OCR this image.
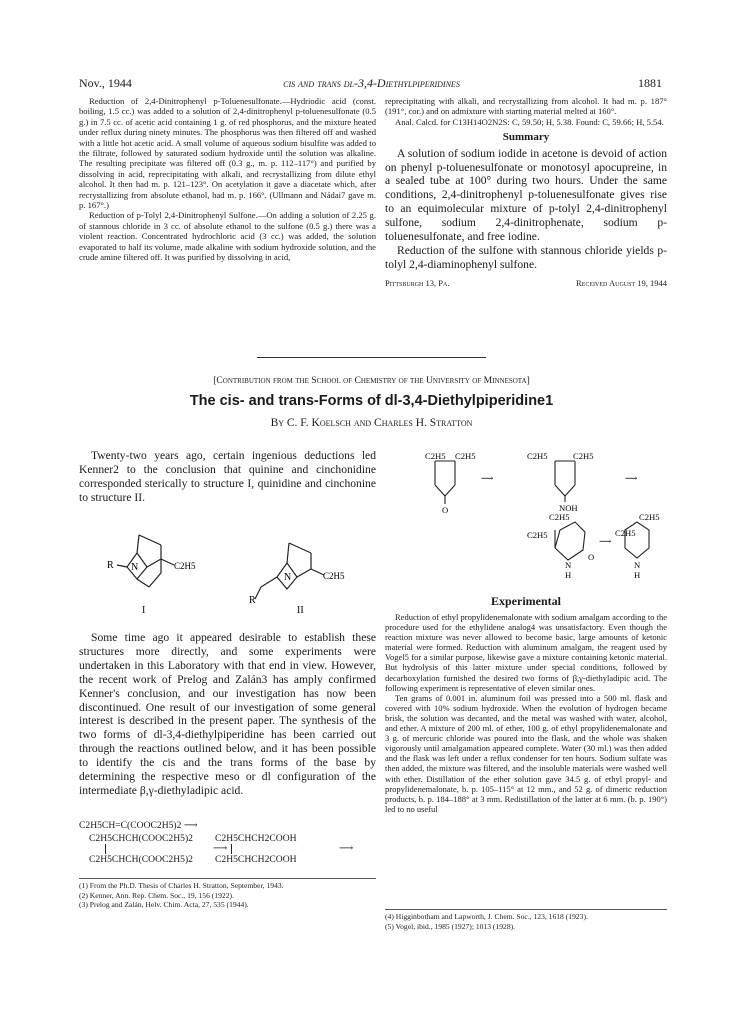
Nov., 1944	cis and trans dl-3,4-Diethylpiperidines	1881

Reduction of 2,4-Dinitrophenyl p-Toluenesulfonate.—Hydriodic acid (const. boiling, 1.5 cc.) was added to a solution of 2,4-dinitrophenyl p-toluenesulfonate (0.5 g.) in 7.5 cc. of acetic acid containing 1 g. of red phosphorus, and the mixture heated under reflux during ninety minutes. The phosphorus was then filtered off and washed with a little hot acetic acid. A small volume of aqueous sodium bisulfite was added to the filtrate, followed by saturated sodium hydroxide until the solution was alkaline. The resulting precipitate was filtered off (0.3 g., m. p. 112–117°) and purified by dissolving in acid, reprecipitating with alkali, and recrystallizing from dilute ethyl alcohol. It then had m. p. 121–123°. On acetylation it gave a diacetate which, after recrystallizing from absolute ethanol, had m. p. 166°. (Ullmann and Nádai7 gave m. p. 167°.)

Reduction of p-Tolyl 2,4-Dinitrophenyl Sulfone.—On adding a solution of 2.25 g. of stannous chloride in 3 cc. of absolute ethanol to the sulfone (0.5 g.) there was a violent reaction. Concentrated hydrochloric acid (3 cc.) was added, the solution evaporated to half its volume, made alkaline with sodium hydroxide solution, and the crude amine filtered off. It was purified by dissolving in acid,

reprecipitating with alkali, and recrystallizing from alcohol. It had m. p. 187° (191°, cor.) and on admixture with starting material melted at 160°.

Anal. Calcd. for C13H14O2N2S: C, 59.50; H, 5.38. Found: C, 59.66; H, 5.54.

Summary

A solution of sodium iodide in acetone is devoid of action on phenyl p-toluenesulfonate or monotosyl apocupreine, in a sealed tube at 100° during two hours. Under the same conditions, 2,4-dinitrophenyl p-toluenesulfonate gives rise to an equimolecular mixture of p-tolyl 2,4-dinitrophenyl sulfone, sodium 2,4-dinitrophenate, sodium p-toluenesulfonate, and free iodine.

Reduction of the sulfone with stannous chloride yields p-tolyl 2,4-diaminophenyl sulfone.

Pittsburgh 13, Pa.	Received August 19, 1944
[Contribution from the School of Chemistry of the University of Minnesota]
The cis- and trans-Forms of dl-3,4-Diethylpiperidine1
By C. F. Koelsch and Charles H. Stratton

Twenty-two years ago, certain ingenious deductions led Kenner2 to the conclusion that quinine and cinchonidine corresponded sterically to structure I, quinidine and cinchonine to structure II.

R N	C2H5
I
R
N	C2H5
II

Some time ago it appeared desirable to establish these structures more directly, and some experiments were undertaken in this Laboratory with that end in view. However, the recent work of Prelog and Zalán3 has amply confirmed Kenner's conclusion, and our investigation has now been discontinued. One result of our investigation of some general interest is described in the present paper. The synthesis of the two forms of dl-3,4-diethylpiperidine has been carried out through the reactions outlined below, and it has been possible to identify the cis and the trans forms of the base by determining the respective meso or dl configuration of the intermediate β,γ-diethyladipic acid.

C2H5CH=C(COOC2H5)2 ⟶
C2H5CHCH(COOC2H5)2 C2H5CHCH2COOH
⟶	⟶
C2H5CHCH(COOC2H5)2 C2H5CHCH2COOH
(1) From the Ph.D. Thesis of Charles H. Stratton, September, 1943.
(2) Kenner, Ann. Rep. Chem. Soc., 19, 156 (1922).
(3) Prelog and Zalán, Helv. Chim. Acta, 27, 535 (1944).
C2H5 C2H5
O
⟶
C2H5	C2H5
NOH
⟶
C2H5
C2H5
N
H
O
⟶
C2H5
C2H5
N
H
Experimental

Reduction of ethyl propylidenemalonate with sodium amalgam according to the procedure used for the ethylidene analog4 was unsatisfactory. Even though the reaction mixture was never allowed to become basic, large amounts of ketonic material were formed. Reduction with aluminum amalgam, the reagent used by Vogel5 for a similar purpose, likewise gave a mixture containing ketonic material. But hydrolysis of this latter mixture under special conditions, followed by decarboxylation furnished the desired two forms of β,γ-diethyladipic acid. The following experiment is representative of eleven similar ones.

Ten grams of 0.001 in. aluminum foil was pressed into a 500 ml. flask and covered with 10% sodium hydroxide. When the evolution of hydrogen became brisk, the solution was decanted, and the metal was washed with water, alcohol, and ether. A mixture of 200 ml. of ether, 100 g. of ethyl propylidenemalonate and 3 g. of mercuric chloride was poured into the flask, and the whole was shaken vigorously until amalgamation appeared complete. Water (30 ml.) was then added and the flask was left under a reflux condenser for ten hours. Sodium sulfate was then added, the mixture was filtered, and the insoluble materials were washed well with ether. Distillation of the ether solution gave 34.5 g. of ethyl propyl- and propylidenemalonate, b. p. 105–115° at 12 mm., and 52 g. of dimeric reduction products, b. p. 184–188° at 3 mm. Redistillation of the latter at 6 mm. (b. p. 190°) led to no useful

(4) Higginbotham and Lapworth, J. Chem. Soc., 123, 1618 (1923).
(5) Vogel, ibid., 1985 (1927); 1013 (1928).
